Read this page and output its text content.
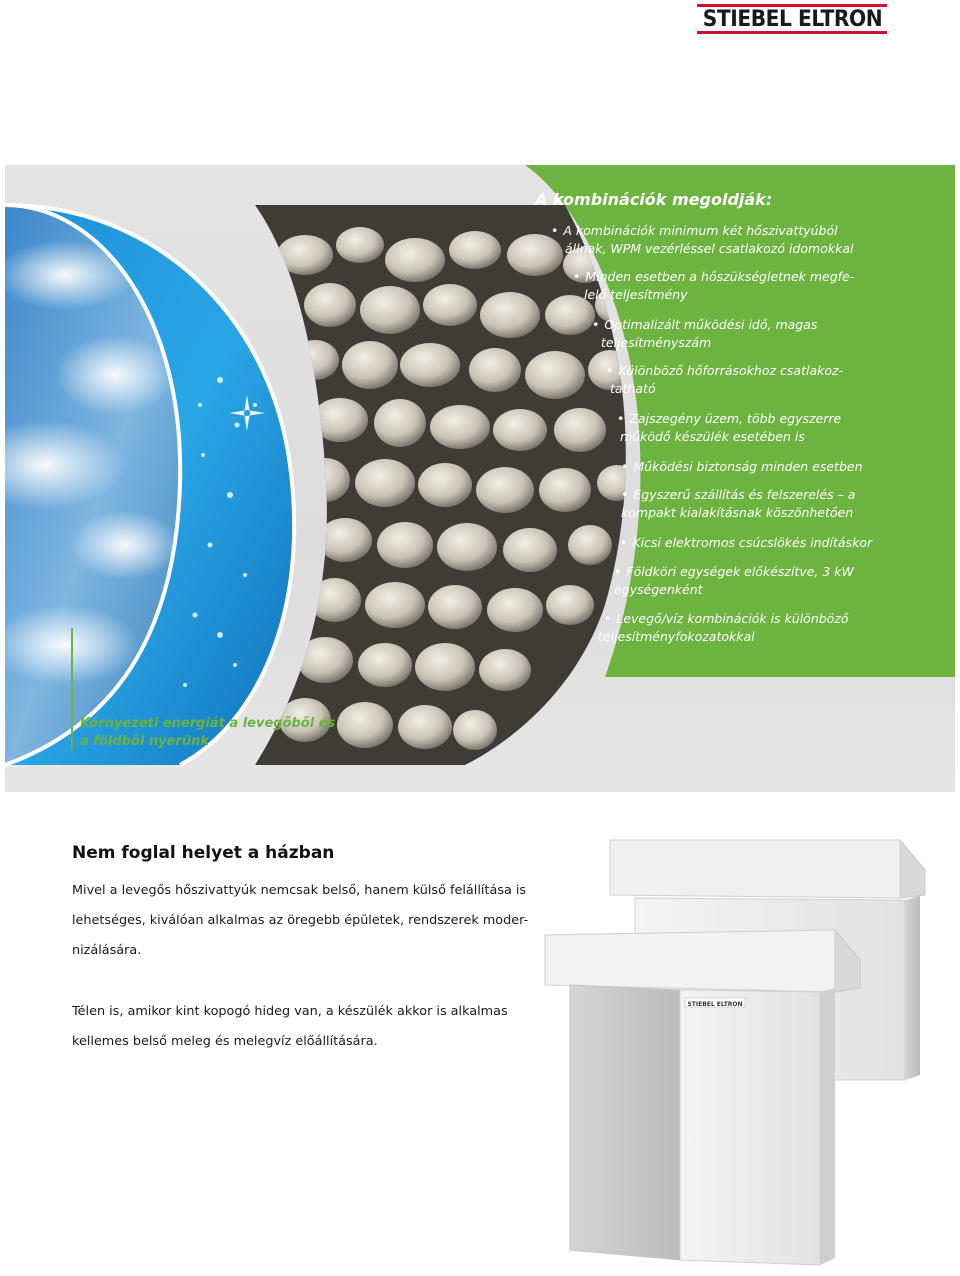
STIEBEL ELTRON
A kombinációk megoldják:
• A kombinációk minimum két hőszivattyúból
állnak, WPM vezérléssel csatlakozó idomokkal
• Minden esetben a hőszükségletnek megfe-
lelő teljesítmény
• Optimalizált működési idő, magas
teljesítményszám
• Különböző hőforrásokhoz csatlakoz-
tatható
• Zajszegény üzem, több egyszerre
működő készülék esetében is
• Működési biztonság minden esetben
• Egyszerű szállítás és felszerelés – a
kompakt kialakításnak köszönhetően
• Kicsi elektromos csúcslökés indításkor
• Földköri egységek előkészítve, 3 kW
egységenként
• Levegő/víz kombinációk is különböző
teljesítményfokozatokkal
Környezeti energiát a levegőből és
a földből nyerünk
Nem foglal helyet a házban
Mivel a levegős hőszivattyúk nemcsak belső, hanem külső felállítása is
lehetséges, kiválóan alkalmas az öregebb épületek, rendszerek moder-
nizálására.
Télen is, amikor kint kopogó hideg van, a készülék akkor is alkalmas
kellemes belső meleg és melegvíz előállítására.
STIEBEL ELTRON
